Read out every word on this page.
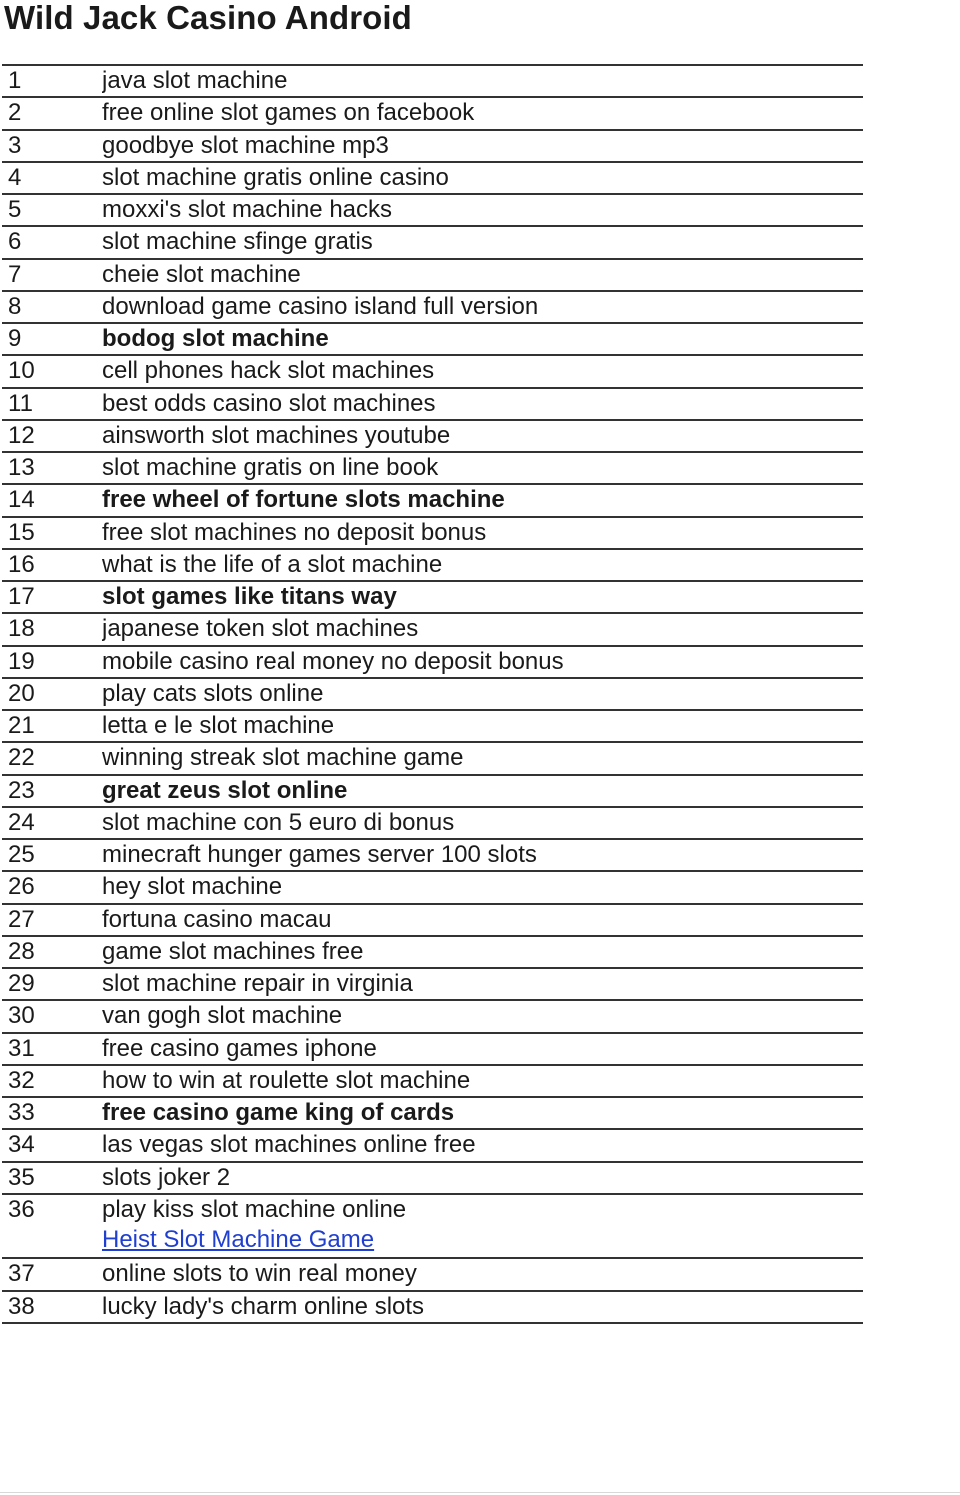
Wild Jack Casino Android
1	java slot machine
2	free online slot games on facebook
3	goodbye slot machine mp3
4	slot machine gratis online casino
5	moxxi's slot machine hacks
6	slot machine sfinge gratis
7	cheie slot machine
8	download game casino island full version
9	bodog slot machine
10	cell phones hack slot machines
11	best odds casino slot machines
12	ainsworth slot machines youtube
13	slot machine gratis on line book
14	free wheel of fortune slots machine
15	free slot machines no deposit bonus
16	what is the life of a slot machine
17	slot games like titans way
18	japanese token slot machines
19	mobile casino real money no deposit bonus
20	play cats slots online
21	letta e le slot machine
22	winning streak slot machine game
23	great zeus slot online
24	slot machine con 5 euro di bonus
25	minecraft hunger games server 100 slots
26	hey slot machine
27	fortuna casino macau
28	game slot machines free
29	slot machine repair in virginia
30	van gogh slot machine
31	free casino games iphone
32	how to win at roulette slot machine
33	free casino game king of cards
34	las vegas slot machines online free
35	slots joker 2
36	play kiss slot machine online
Heist Slot Machine Game
37	online slots to win real money
38	lucky lady's charm online slots
